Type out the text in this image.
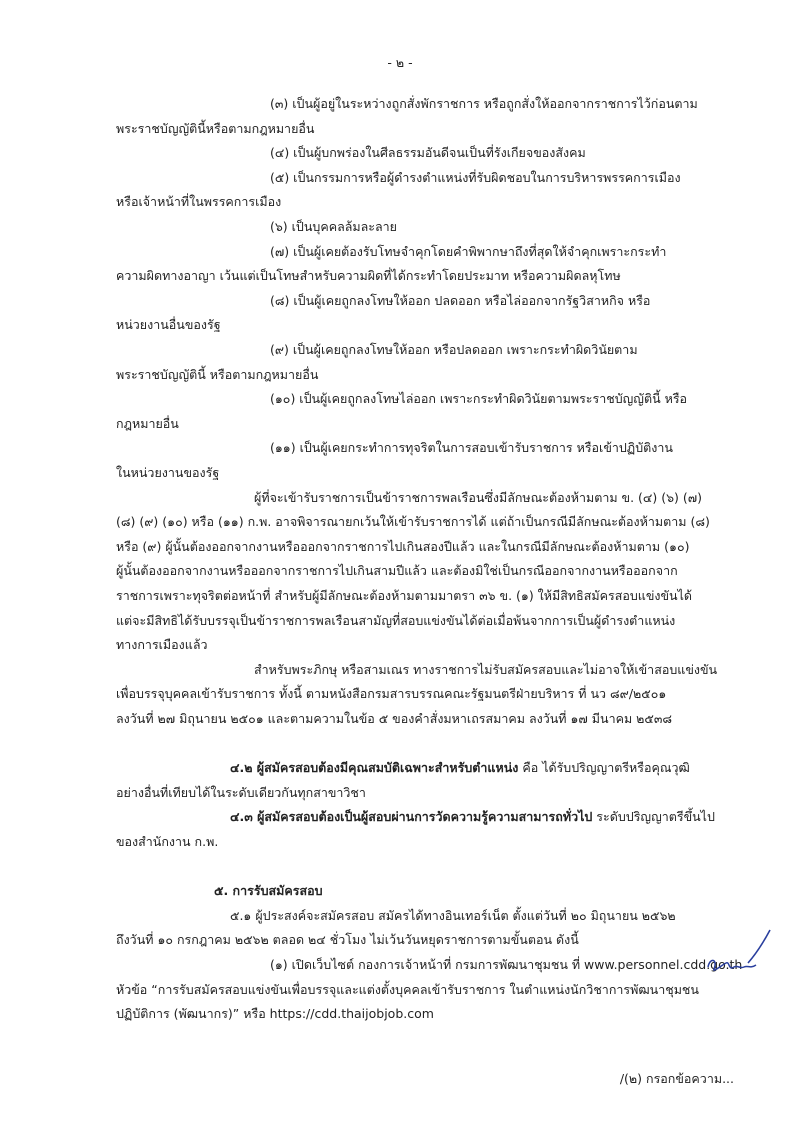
- ๒ -
(๓) เป็นผู้อยู่ในระหว่างถูกสั่งพักราชการ หรือถูกสั่งให้ออกจากราชการไว้ก่อนตาม
พระราชบัญญัตินี้หรือตามกฎหมายอื่น
(๔) เป็นผู้บกพร่องในศีลธรรมอันดีจนเป็นที่รังเกียจของสังคม
(๕) เป็นกรรมการหรือผู้ดำรงตำแหน่งที่รับผิดชอบในการบริหารพรรคการเมือง
หรือเจ้าหน้าที่ในพรรคการเมือง
(๖) เป็นบุคคลล้มละลาย
(๗) เป็นผู้เคยต้องรับโทษจำคุกโดยคำพิพากษาถึงที่สุดให้จำคุกเพราะกระทำ
ความผิดทางอาญา เว้นแต่เป็นโทษสำหรับความผิดที่ได้กระทำโดยประมาท หรือความผิดลหุโทษ
(๘) เป็นผู้เคยถูกลงโทษให้ออก ปลดออก หรือไล่ออกจากรัฐวิสาหกิจ หรือ
หน่วยงานอื่นของรัฐ
(๙) เป็นผู้เคยถูกลงโทษให้ออก หรือปลดออก เพราะกระทำผิดวินัยตาม
พระราชบัญญัตินี้ หรือตามกฎหมายอื่น
(๑๐) เป็นผู้เคยถูกลงโทษไล่ออก เพราะกระทำผิดวินัยตามพระราชบัญญัตินี้ หรือ
กฎหมายอื่น
(๑๑) เป็นผู้เคยกระทำการทุจริตในการสอบเข้ารับราชการ หรือเข้าปฏิบัติงาน
ในหน่วยงานของรัฐ
ผู้ที่จะเข้ารับราชการเป็นข้าราชการพลเรือนซึ่งมีลักษณะต้องห้ามตาม ข. (๔) (๖) (๗)
(๘) (๙) (๑๐) หรือ (๑๑) ก.พ. อาจพิจารณายกเว้นให้เข้ารับราชการได้ แต่ถ้าเป็นกรณีมีลักษณะต้องห้ามตาม (๘)
หรือ (๙) ผู้นั้นต้องออกจากงานหรือออกจากราชการไปเกินสองปีแล้ว และในกรณีมีลักษณะต้องห้ามตาม (๑๐)
ผู้นั้นต้องออกจากงานหรือออกจากราชการไปเกินสามปีแล้ว และต้องมิใช่เป็นกรณีออกจากงานหรือออกจาก
ราชการเพราะทุจริตต่อหน้าที่ สำหรับผู้มีลักษณะต้องห้ามตามมาตรา ๓๖ ข. (๑) ให้มีสิทธิสมัครสอบแข่งขันได้
แต่จะมีสิทธิได้รับบรรจุเป็นข้าราชการพลเรือนสามัญที่สอบแข่งขันได้ต่อเมื่อพ้นจากการเป็นผู้ดำรงตำแหน่ง
ทางการเมืองแล้ว
สำหรับพระภิกษุ หรือสามเณร ทางราชการไม่รับสมัครสอบและไม่อาจให้เข้าสอบแข่งขัน
เพื่อบรรจุบุคคลเข้ารับราชการ ทั้งนี้ ตามหนังสือกรมสารบรรณคณะรัฐมนตรีฝ่ายบริหาร ที่ นว ๘๙/๒๕๐๑
ลงวันที่ ๒๗ มิถุนายน ๒๕๐๑ และตามความในข้อ ๕ ของคำสั่งมหาเถรสมาคม ลงวันที่ ๑๗ มีนาคม ๒๕๓๘
๔.๒ ผู้สมัครสอบต้องมีคุณสมบัติเฉพาะสำหรับตำแหน่ง คือ ได้รับปริญญาตรีหรือคุณวุฒิ
อย่างอื่นที่เทียบได้ในระดับเดียวกันทุกสาขาวิชา
๔.๓ ผู้สมัครสอบต้องเป็นผู้สอบผ่านการวัดความรู้ความสามารถทั่วไป ระดับปริญญาตรีขึ้นไป
ของสำนักงาน ก.พ.
๕. การรับสมัครสอบ
๕.๑ ผู้ประสงค์จะสมัครสอบ สมัครได้ทางอินเทอร์เน็ต ตั้งแต่วันที่ ๒๐ มิถุนายน ๒๕๖๒
ถึงวันที่ ๑๐ กรกฎาคม ๒๕๖๒ ตลอด ๒๔ ชั่วโมง ไม่เว้นวันหยุดราชการตามขั้นตอน ดังนี้
(๑) เปิดเว็บไซต์ กองการเจ้าหน้าที่ กรมการพัฒนาชุมชน ที่ www.personnel.cdd.go.th
หัวข้อ “การรับสมัครสอบแข่งขันเพื่อบรรจุและแต่งตั้งบุคคลเข้ารับราชการ ในตำแหน่งนักวิชาการพัฒนาชุมชน
ปฏิบัติการ (พัฒนากร)” หรือ https://cdd.thaijobjob.com
/(๒) กรอกข้อความ...
